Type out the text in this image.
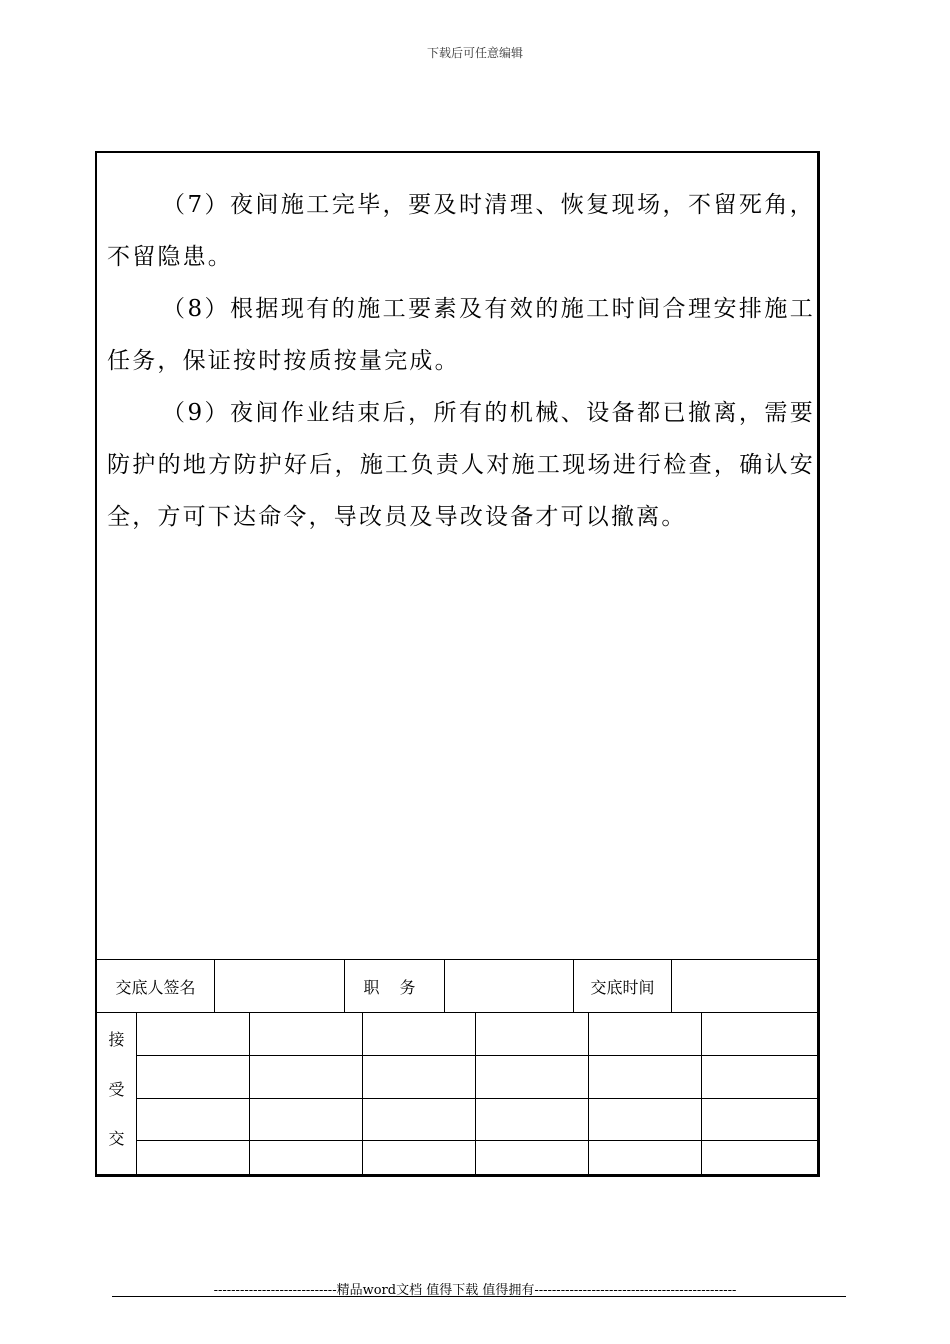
下载后可任意编辑

（7）夜间施工完毕，要及时清理、恢复现场，不留死角，不留隐患。

（8）根据现有的施工要素及有效的施工时间合理安排施工任务，保证按时按质按量完成。

（9）夜间作业结束后，所有的机械、设备都已撤离，需要防护的地方防护好后，施工负责人对施工现场进行检查，确认安全，方可下达命令，导改员及导改设备才可以撤离。

交底人签名	职务	交底时间
接
受
交
----------------------------精品word文档 值得下载 值得拥有----------------------------------------------
